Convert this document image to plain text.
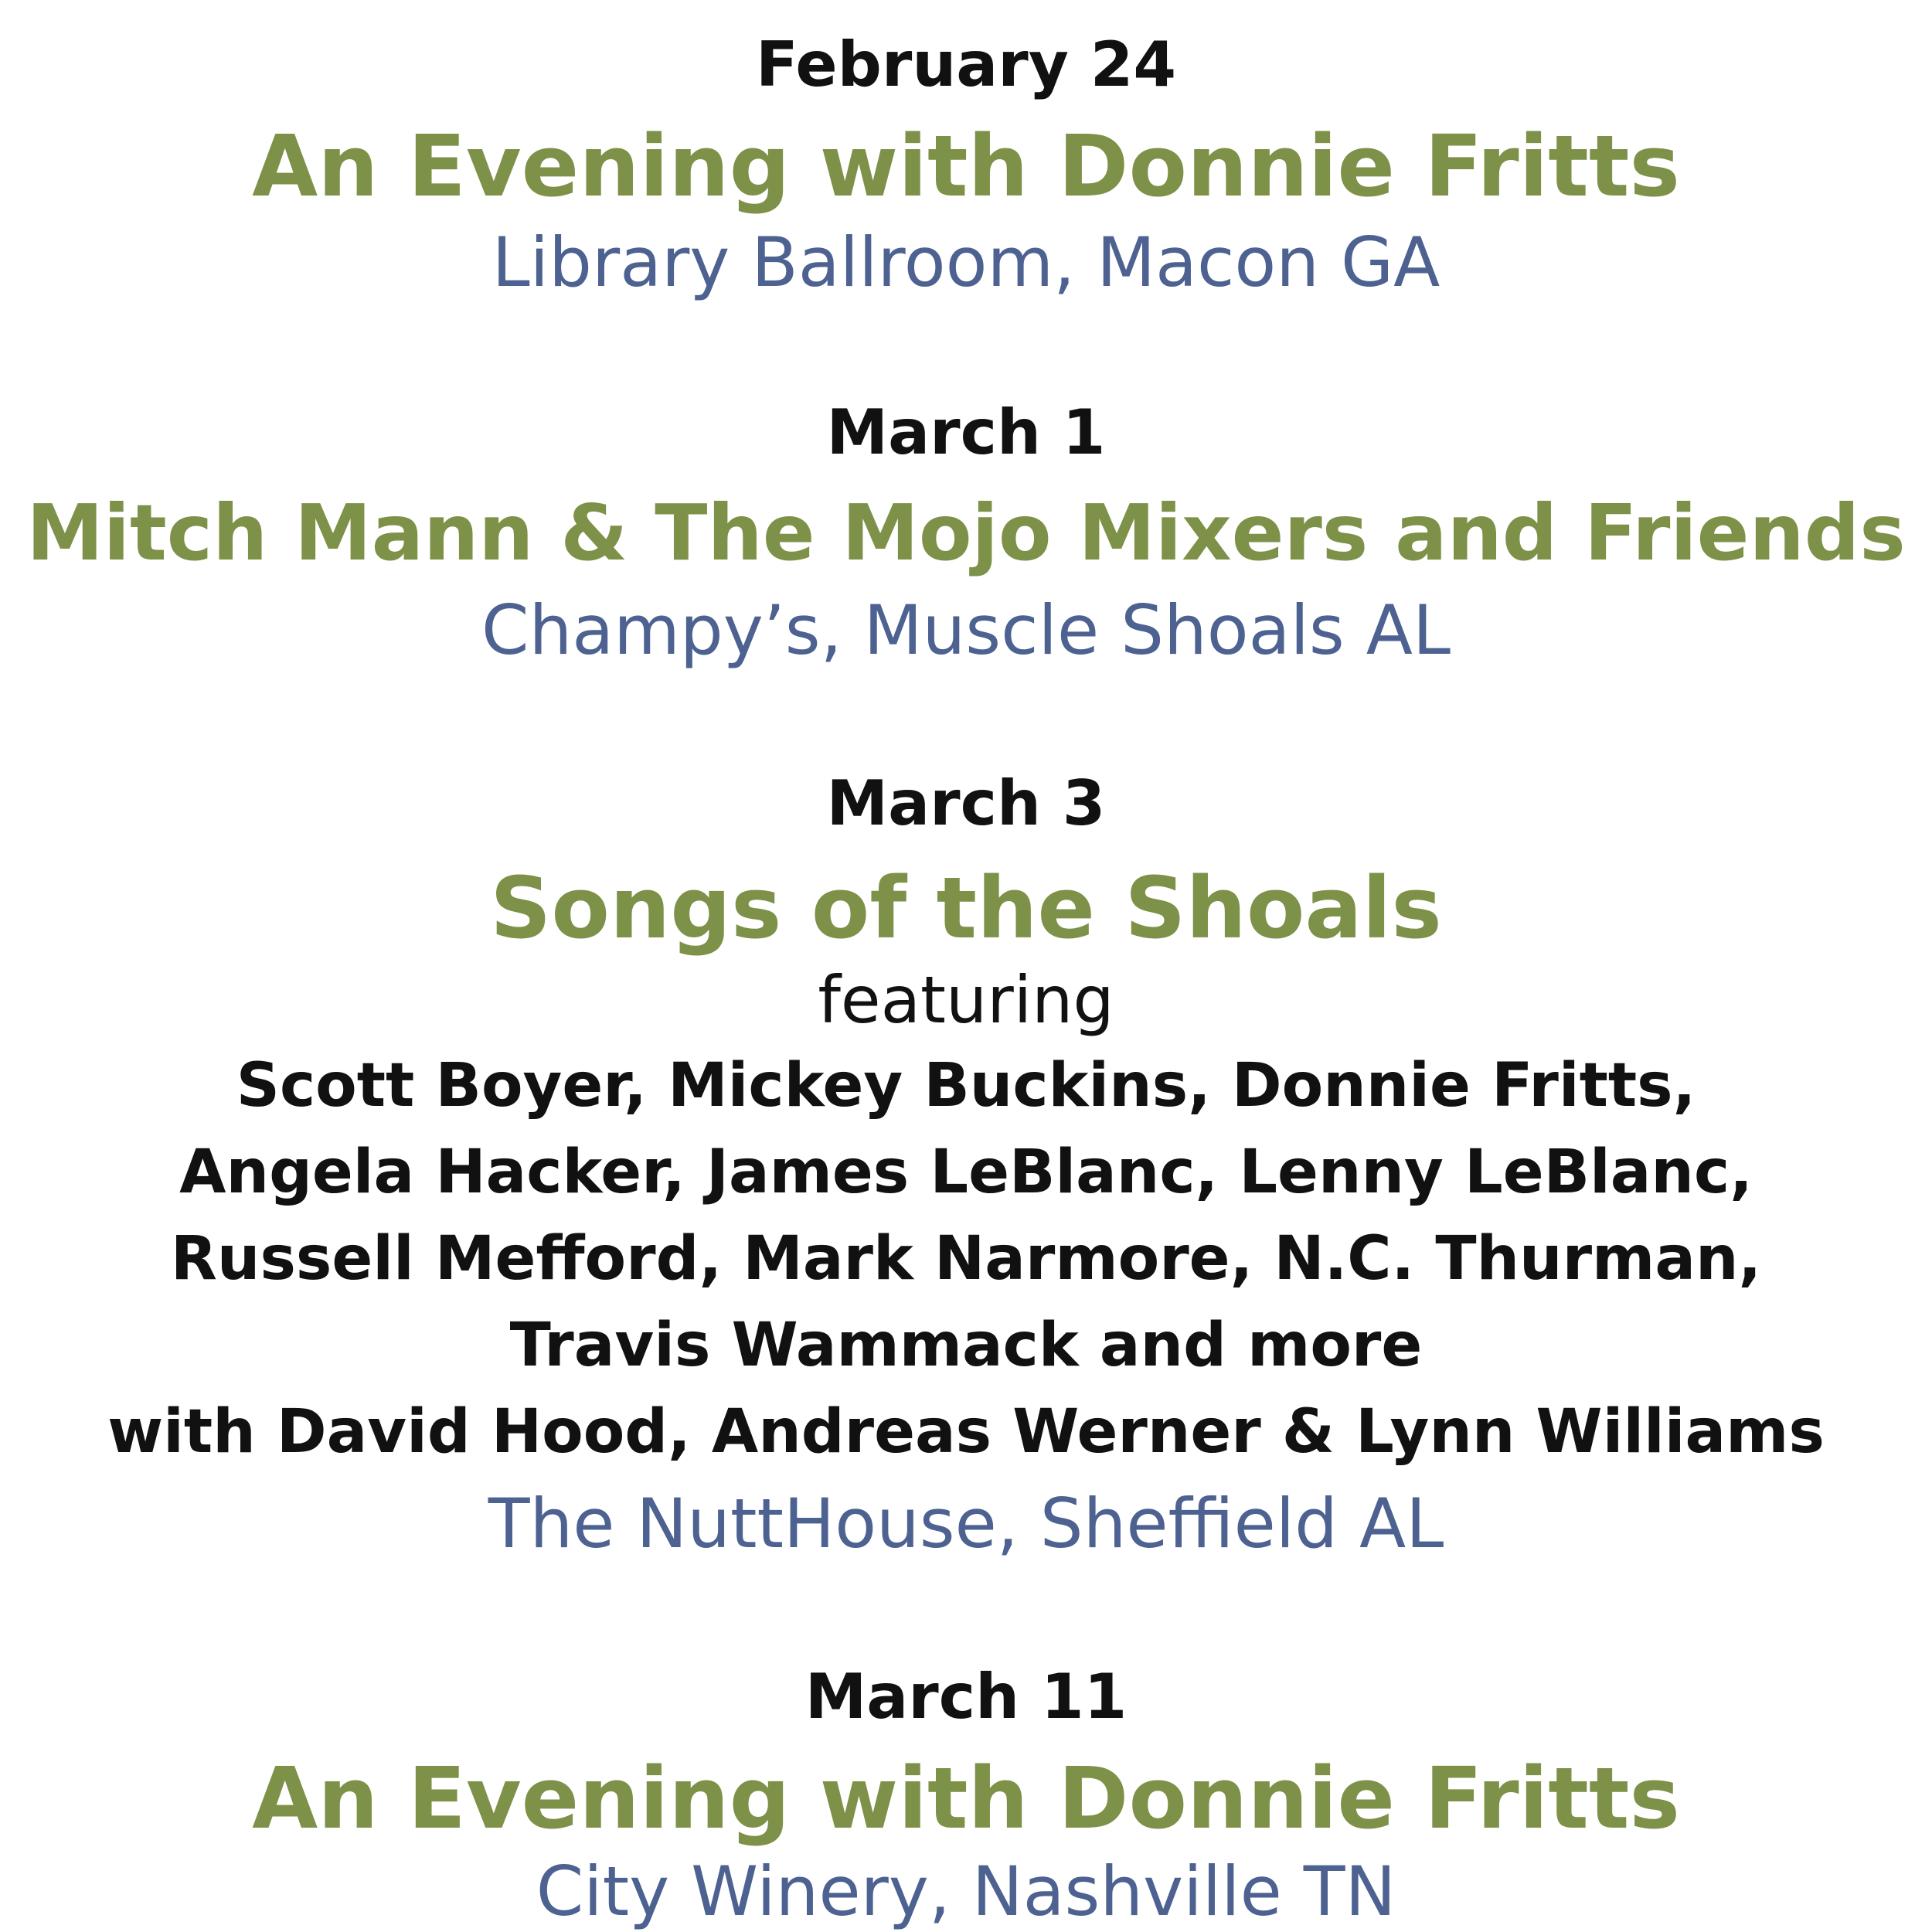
February 24
An Evening with Donnie Fritts
Library Ballroom, Macon GA
March 1
Mitch Mann & The Mojo Mixers and Friends
Champy’s, Muscle Shoals AL
March 3
Songs of the Shoals
featuring
Scott Boyer, Mickey Buckins, Donnie Fritts,
Angela Hacker, James LeBlanc, Lenny LeBlanc,
Russell Mefford, Mark Narmore, N.C. Thurman,
Travis Wammack and more
with David Hood, Andreas Werner & Lynn Williams
The NuttHouse, Sheffield AL
March 11
An Evening with Donnie Fritts
City Winery, Nashville TN
